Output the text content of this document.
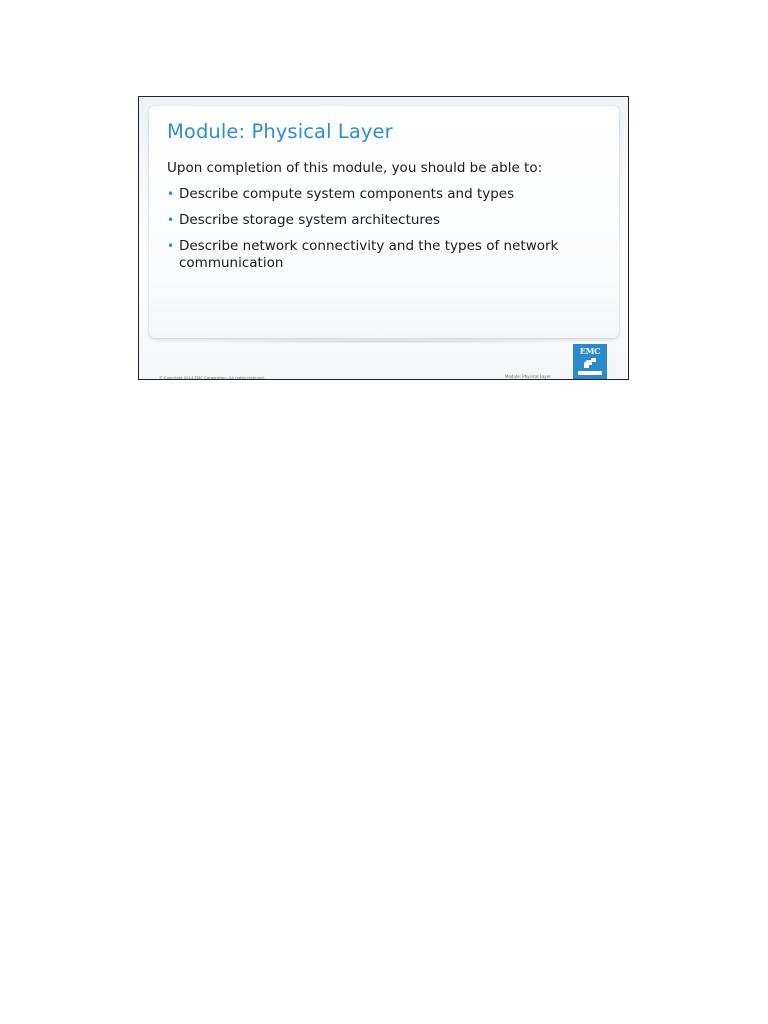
Module: Physical Layer

Upon completion of this module, you should be able to:

• Describe compute system components and types
• Describe storage system architectures
• Describe network connectivity and the types of network communication
© Copyright 2014 EMC Corporation. All rights reserved.	Module: Physical Layer
EMC
